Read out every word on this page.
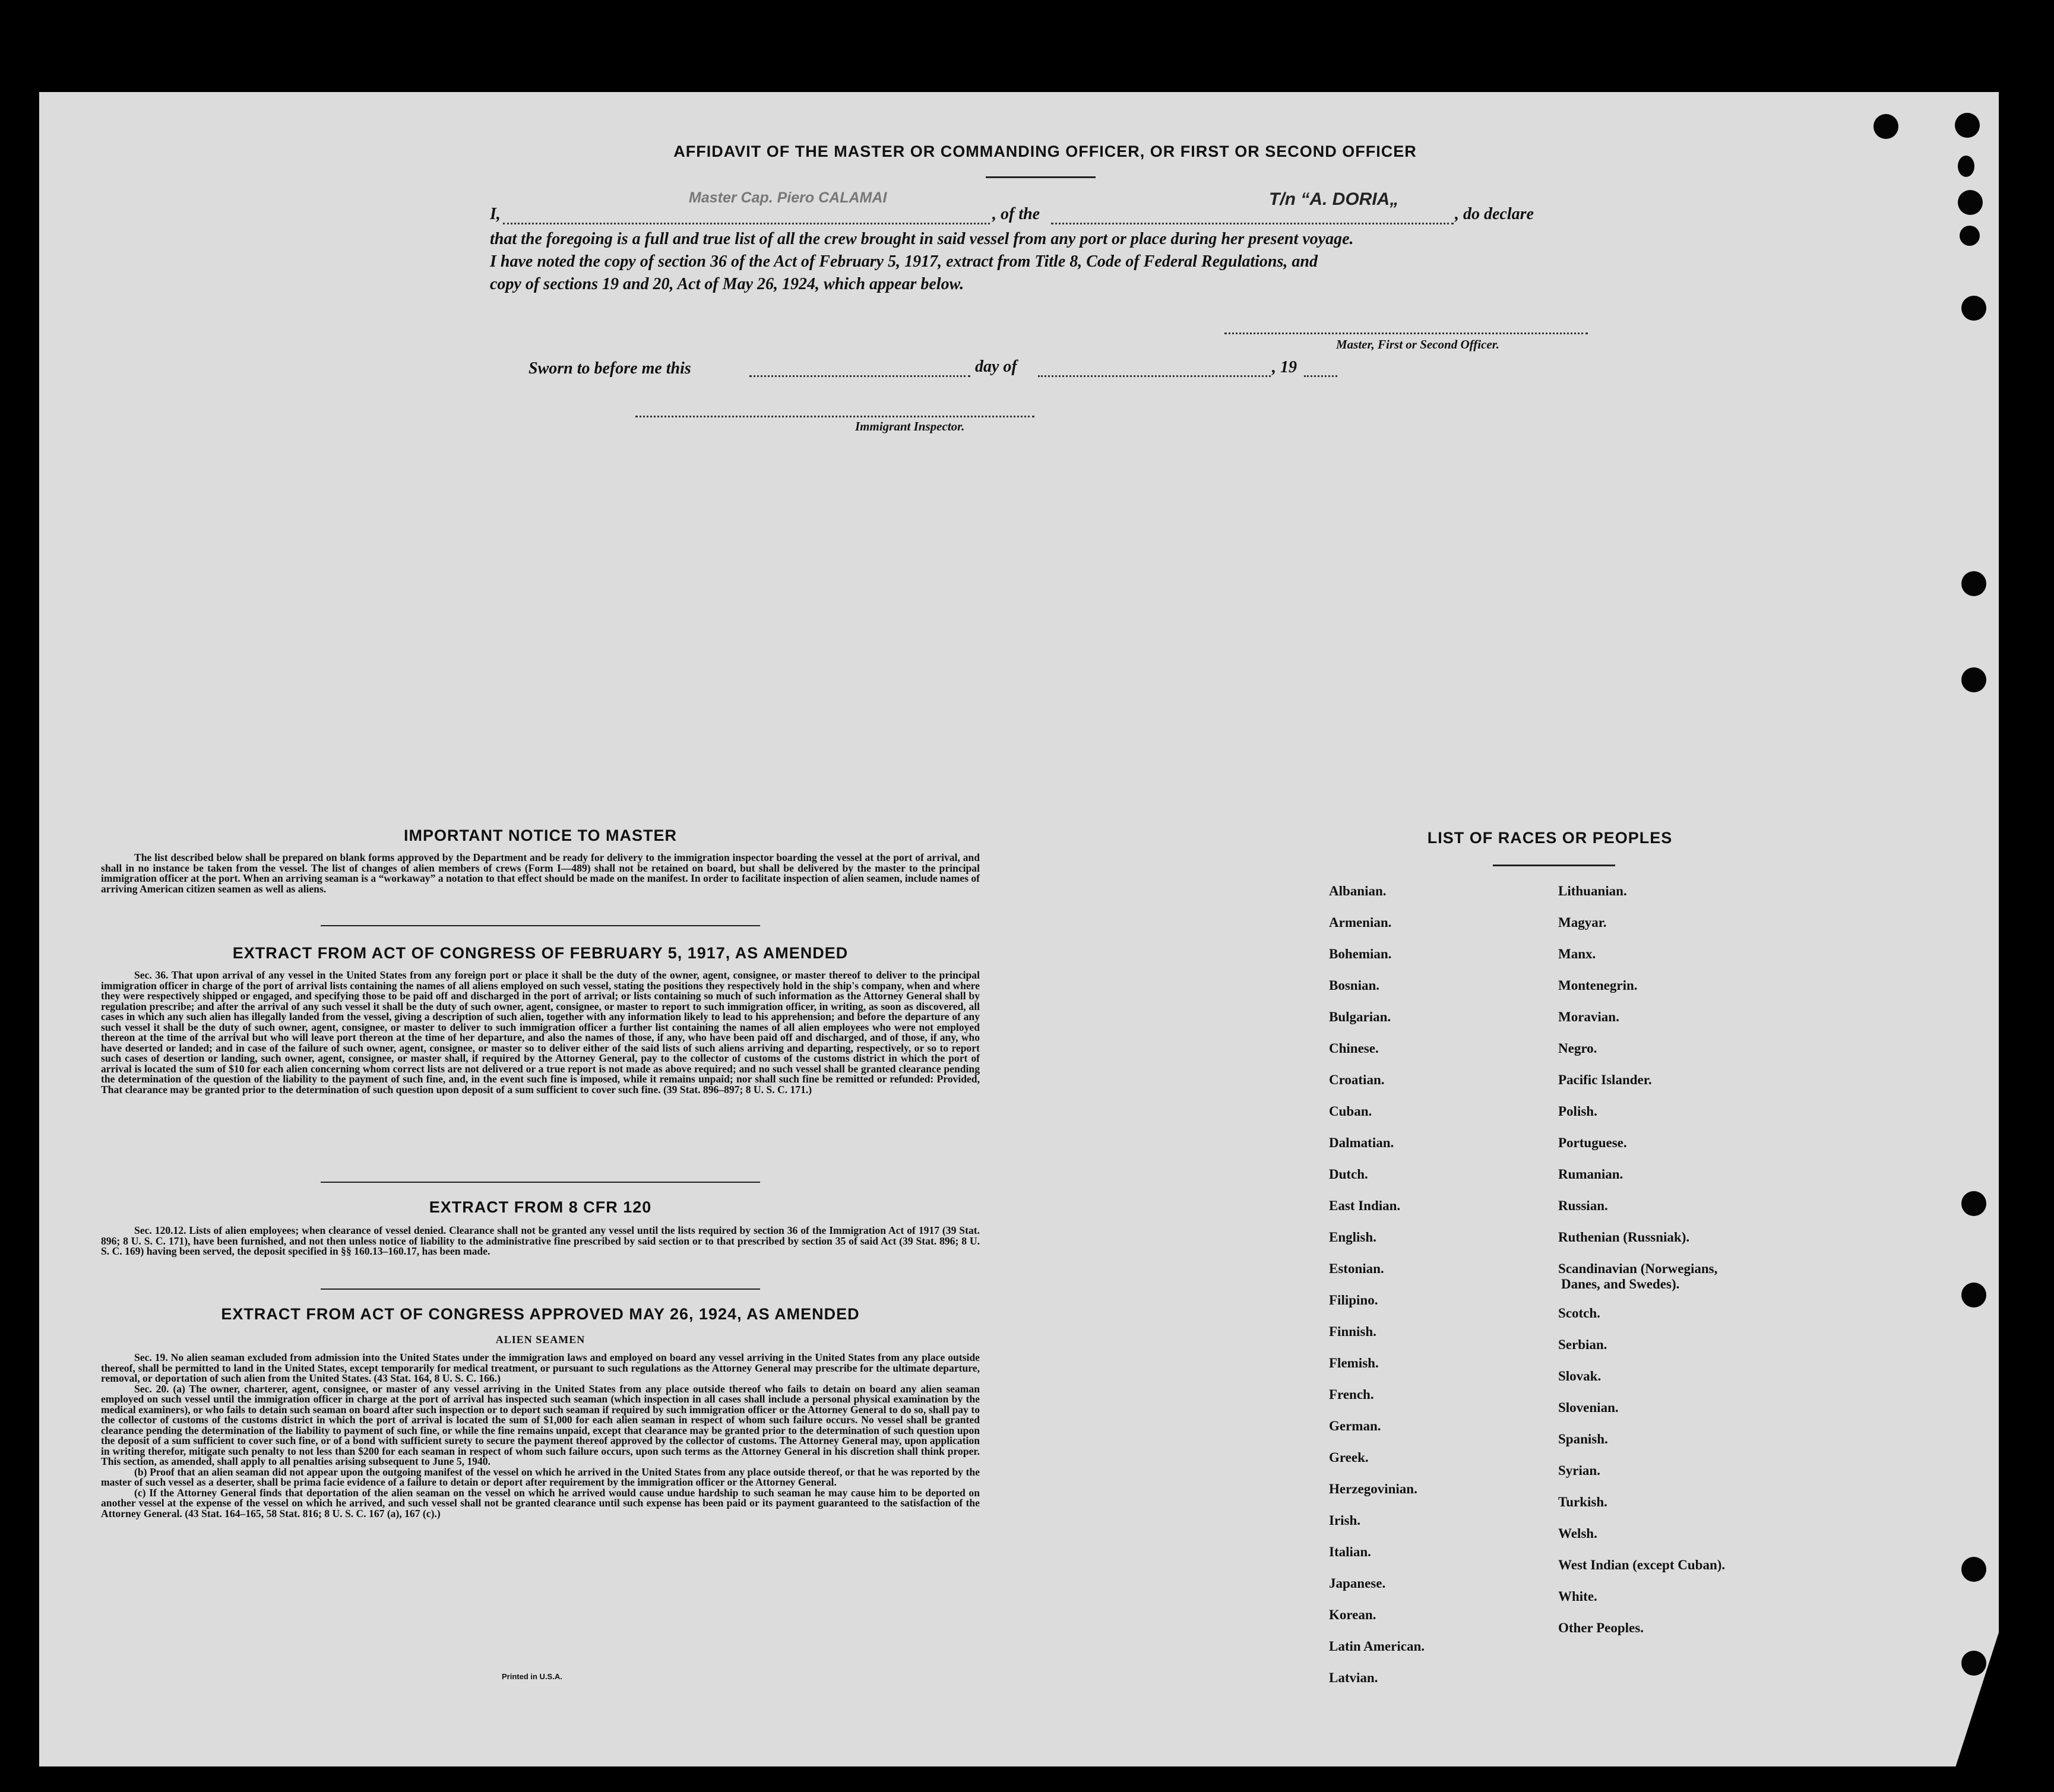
AFFIDAVIT OF THE MASTER OR COMMANDING OFFICER, OR FIRST OR SECOND OFFICER
I,
Master Cap. Piero CALAMAI
, of the
T/n “A. DORIA„
, do declare
that the foregoing is a full and true list of all the crew brought in said vessel from any port or place during her present voyage.
I have noted the copy of section 36 of the Act of February 5, 1917, extract from Title 8, Code of Federal Regulations, and
copy of sections 19 and 20, Act of May 26, 1924, which appear below.
Master, First or Second Officer.
Sworn to before me this	day of	, 19
Immigrant Inspector.
IMPORTANT NOTICE TO MASTER

The list described below shall be prepared on blank forms approved by the Department and be ready for delivery to the immigration inspector boarding the vessel at the port of arrival, and shall in no instance be taken from the vessel. The list of changes of alien members of crews (Form I—489) shall not be retained on board, but shall be delivered by the master to the principal immigration officer at the port. When an arriving seaman is a “workaway” a notation to that effect should be made on the manifest. In order to facilitate inspection of alien seamen, include names of arriving American citizen seamen as well as aliens.

EXTRACT FROM ACT OF CONGRESS OF FEBRUARY 5, 1917, AS AMENDED

Sec. 36. That upon arrival of any vessel in the United States from any foreign port or place it shall be the duty of the owner, agent, consignee, or master thereof to deliver to the principal immigration officer in charge of the port of arrival lists containing the names of all aliens employed on such vessel, stating the positions they respectively hold in the ship's company, when and where they were respectively shipped or engaged, and specifying those to be paid off and discharged in the port of arrival; or lists containing so much of such information as the Attorney General shall by regulation prescribe; and after the arrival of any such vessel it shall be the duty of such owner, agent, consignee, or master to report to such immigration officer, in writing, as soon as discovered, all cases in which any such alien has illegally landed from the vessel, giving a description of such alien, together with any information likely to lead to his apprehension; and before the departure of any such vessel it shall be the duty of such owner, agent, consignee, or master to deliver to such immigration officer a further list containing the names of all alien employees who were not employed thereon at the time of the arrival but who will leave port thereon at the time of her departure, and also the names of those, if any, who have been paid off and discharged, and of those, if any, who have deserted or landed; and in case of the failure of such owner, agent, consignee, or master so to deliver either of the said lists of such aliens arriving and departing, respectively, or so to report such cases of desertion or landing, such owner, agent, consignee, or master shall, if required by the Attorney General, pay to the collector of customs of the customs district in which the port of arrival is located the sum of $10 for each alien concerning whom correct lists are not delivered or a true report is not made as above required; and no such vessel shall be granted clearance pending the determination of the question of the liability to the payment of such fine, and, in the event such fine is imposed, while it remains unpaid; nor shall such fine be remitted or refunded: Provided, That clearance may be granted prior to the determination of such question upon deposit of a sum sufficient to cover such fine. (39 Stat. 896–897; 8 U. S. C. 171.)

EXTRACT FROM 8 CFR 120

Sec. 120.12. Lists of alien employees; when clearance of vessel denied. Clearance shall not be granted any vessel until the lists required by section 36 of the Immigration Act of 1917 (39 Stat. 896; 8 U. S. C. 171), have been furnished, and not then unless notice of liability to the administrative fine prescribed by said section or to that prescribed by section 35 of said Act (39 Stat. 896; 8 U. S. C. 169) having been served, the deposit specified in §§ 160.13–160.17, has been made.

EXTRACT FROM ACT OF CONGRESS APPROVED MAY 26, 1924, AS AMENDED
ALIEN SEAMEN

Sec. 19. No alien seaman excluded from admission into the United States under the immigration laws and employed on board any vessel arriving in the United States from any place outside thereof, shall be permitted to land in the United States, except temporarily for medical treatment, or pursuant to such regulations as the Attorney General may prescribe for the ultimate departure, removal, or deportation of such alien from the United States. (43 Stat. 164, 8 U. S. C. 166.)

Sec. 20. (a) The owner, charterer, agent, consignee, or master of any vessel arriving in the United States from any place outside thereof who fails to detain on board any alien seaman employed on such vessel until the immigration officer in charge at the port of arrival has inspected such seaman (which inspection in all cases shall include a personal physical examination by the medical examiners), or who fails to detain such seaman on board after such inspection or to deport such seaman if required by such immigration officer or the Attorney General to do so, shall pay to the collector of customs of the customs district in which the port of arrival is located the sum of $1,000 for each alien seaman in respect of whom such failure occurs. No vessel shall be granted clearance pending the determination of the liability to payment of such fine, or while the fine remains unpaid, except that clearance may be granted prior to the determination of such question upon the deposit of a sum sufficient to cover such fine, or of a bond with sufficient surety to secure the payment thereof approved by the collector of customs. The Attorney General may, upon application in writing therefor, mitigate such penalty to not less than $200 for each seaman in respect of whom such failure occurs, upon such terms as the Attorney General in his discretion shall think proper. This section, as amended, shall apply to all penalties arising subsequent to June 5, 1940.

(b) Proof that an alien seaman did not appear upon the outgoing manifest of the vessel on which he arrived in the United States from any place outside thereof, or that he was reported by the master of such vessel as a deserter, shall be prima facie evidence of a failure to detain or deport after requirement by the immigration officer or the Attorney General.

(c) If the Attorney General finds that deportation of the alien seaman on the vessel on which he arrived would cause undue hardship to such seaman he may cause him to be deported on another vessel at the expense of the vessel on which he arrived, and such vessel shall not be granted clearance until such expense has been paid or its payment guaranteed to the satisfaction of the Attorney General. (43 Stat. 164–165, 58 Stat. 816; 8 U. S. C. 167 (a), 167 (c).)

Printed in U.S.A.
LIST OF RACES OR PEOPLES
Albanian.
Armenian.
Bohemian.
Bosnian.
Bulgarian.
Chinese.
Croatian.
Cuban.
Dalmatian.
Dutch.
East Indian.
English.
Estonian.
Filipino.
Finnish.
Flemish.
French.
German.
Greek.
Herzegovinian.
Irish.
Italian.
Japanese.
Korean.
Latin American.
Latvian.
Lithuanian.
Magyar.
Manx.
Montenegrin.
Moravian.
Negro.
Pacific Islander.
Polish.
Portuguese.
Rumanian.
Russian.
Ruthenian (Russniak).
Scandinavian (Norwegians,
Danes, and Swedes).
Scotch.
Serbian.
Slovak.
Slovenian.
Spanish.
Syrian.
Turkish.
Welsh.
West Indian (except Cuban).
White.
Other Peoples.
